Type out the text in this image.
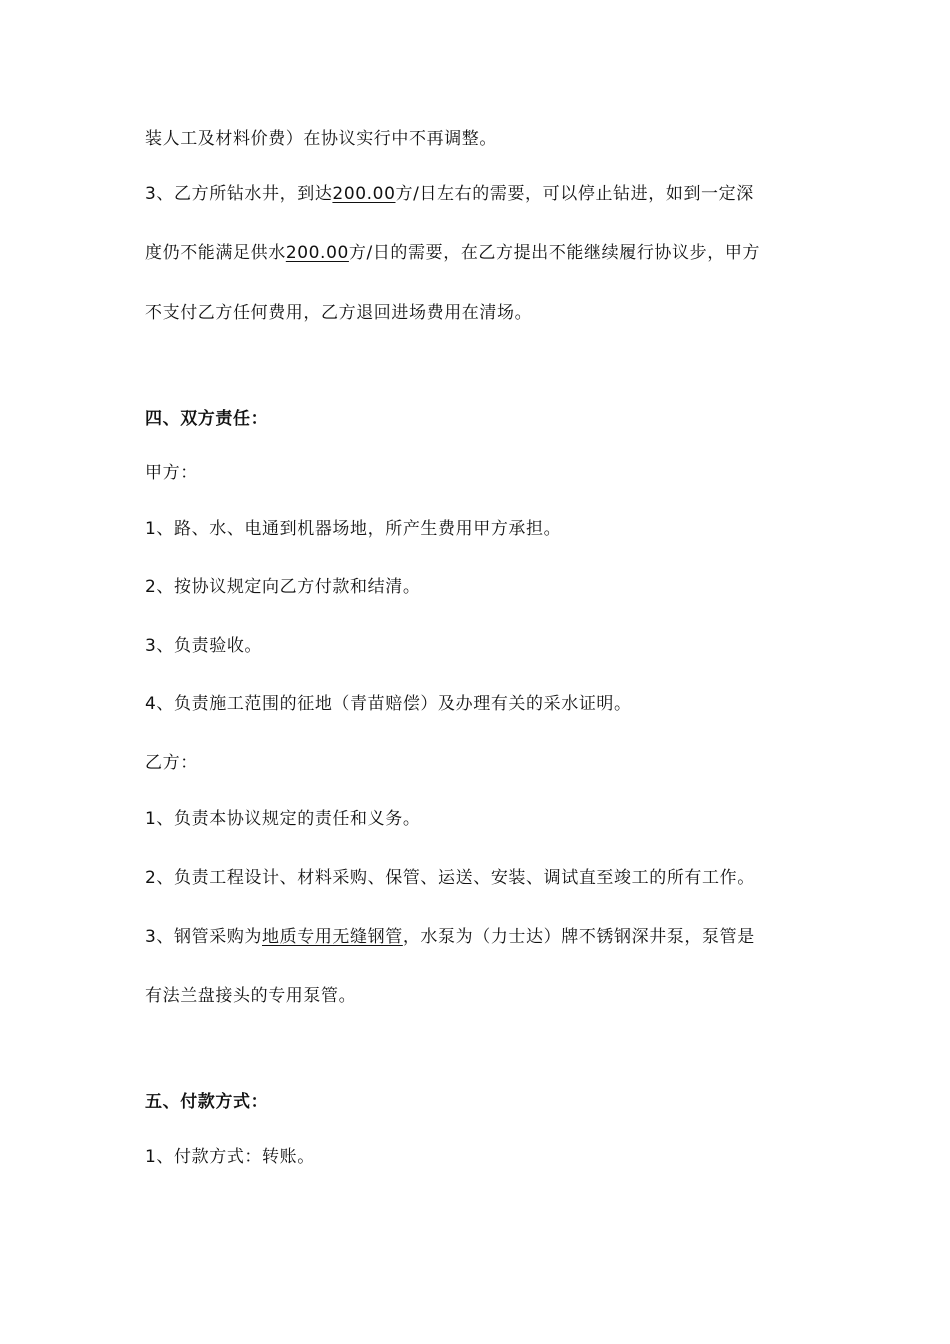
装人工及材料价费）在协议实行中不再调整。
3、乙方所钻水井，到达200.00方/日左右的需要，可以停止钻进，如到一定深
度仍不能满足供水200.00方/日的需要，在乙方提出不能继续履行协议步，甲方
不支付乙方任何费用，乙方退回进场费用在清场。
四、双方责任：
甲方：
1、路、水、电通到机器场地，所产生费用甲方承担。
2、按协议规定向乙方付款和结清。
3、负责验收。
4、负责施工范围的征地（青苗赔偿）及办理有关的采水证明。
乙方：
1、负责本协议规定的责任和义务。
2、负责工程设计、材料采购、保管、运送、安装、调试直至竣工的所有工作。
3、钢管采购为地质专用无缝钢管，水泵为（力士达）牌不锈钢深井泵，泵管是
有法兰盘接头的专用泵管。
五、付款方式：
1、付款方式：转账。
